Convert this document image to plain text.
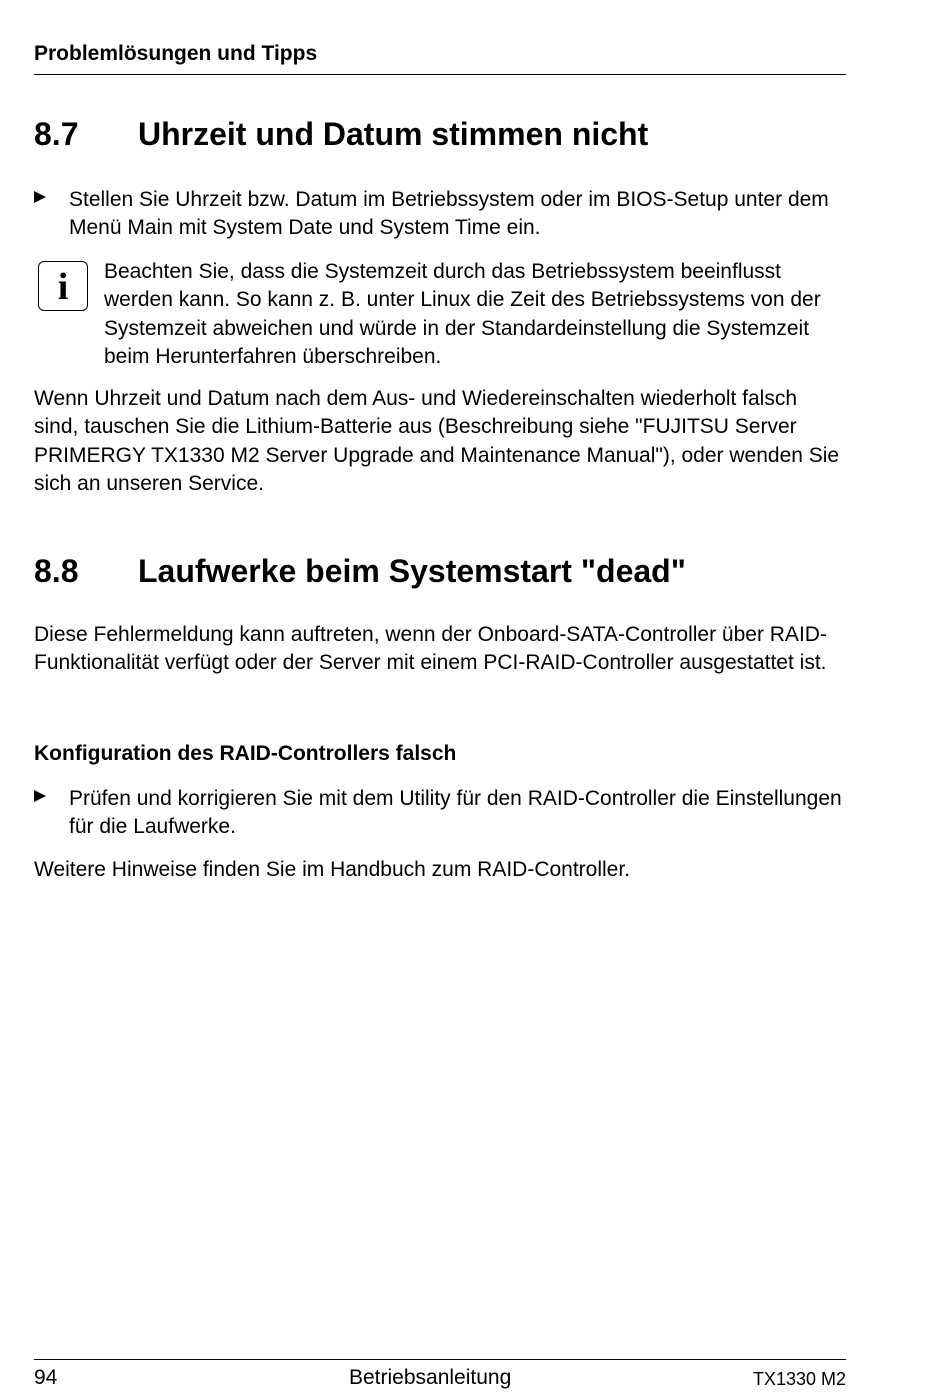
Problemlösungen und Tipps
8.7 Uhrzeit und Datum stimmen nicht
Stellen Sie Uhrzeit bzw. Datum im Betriebssystem oder im BIOS-Setup unter dem Menü Main mit System Date und System Time ein.
i	Beachten Sie, dass die Systemzeit durch das Betriebssystem beeinflusst werden kann. So kann z. B. unter Linux die Zeit des Betriebssystems von der Systemzeit abweichen und würde in der Standardeinstellung die Systemzeit beim Herunterfahren überschreiben.

Wenn Uhrzeit und Datum nach dem Aus- und Wiedereinschalten wiederholt falsch sind, tauschen Sie die Lithium-Batterie aus (Beschreibung siehe "FUJITSU Server PRIMERGY TX1330 M2 Server Upgrade and Maintenance Manual"), oder wenden Sie sich an unseren Service.

8.8 Laufwerke beim Systemstart "dead"

Diese Fehlermeldung kann auftreten, wenn der Onboard-SATA-Controller über RAID-Funktionalität verfügt oder der Server mit einem PCI-RAID-Controller ausgestattet ist.

Konfiguration des RAID-Controllers falsch
Prüfen und korrigieren Sie mit dem Utility für den RAID-Controller die Einstellungen für die Laufwerke.

Weitere Hinweise finden Sie im Handbuch zum RAID-Controller.

94	Betriebsanleitung	TX1330 M2
